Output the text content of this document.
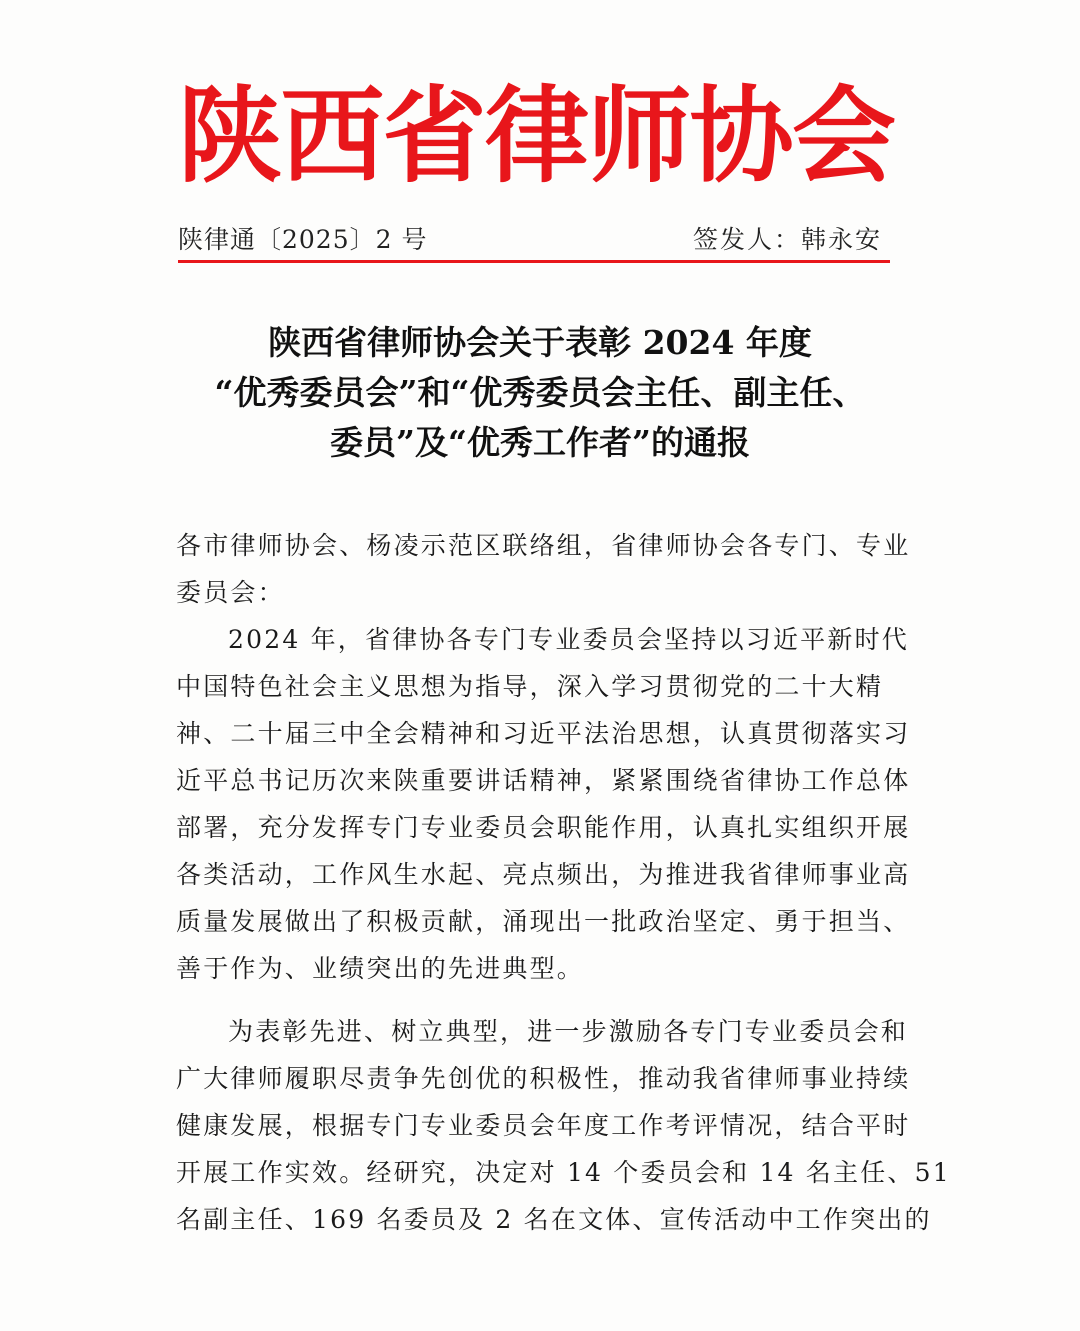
陕
西
省
律
师
协
会
陕律通〔2025〕2 号	签发人：韩永安
陕西省律师协会关于表彰 2024 年度
“优秀委员会”和“优秀委员会主任、副主任、
委员”及“优秀工作者”的通报
各市律师协会、杨凌示范区联络组，省律师协会各专门、专业
委员会：
2024 年，省律协各专门专业委员会坚持以习近平新时代
中国特色社会主义思想为指导，深入学习贯彻党的二十大精
神、二十届三中全会精神和习近平法治思想，认真贯彻落实习
近平总书记历次来陕重要讲话精神，紧紧围绕省律协工作总体
部署，充分发挥专门专业委员会职能作用，认真扎实组织开展
各类活动，工作风生水起、亮点频出，为推进我省律师事业高
质量发展做出了积极贡献，涌现出一批政治坚定、勇于担当、
善于作为、业绩突出的先进典型。
为表彰先进、树立典型，进一步激励各专门专业委员会和
广大律师履职尽责争先创优的积极性，推动我省律师事业持续
健康发展，根据专门专业委员会年度工作考评情况，结合平时
开展工作实效。经研究，决定对 14 个委员会和 14 名主任、51
名副主任、169 名委员及 2 名在文体、宣传活动中工作突出的
